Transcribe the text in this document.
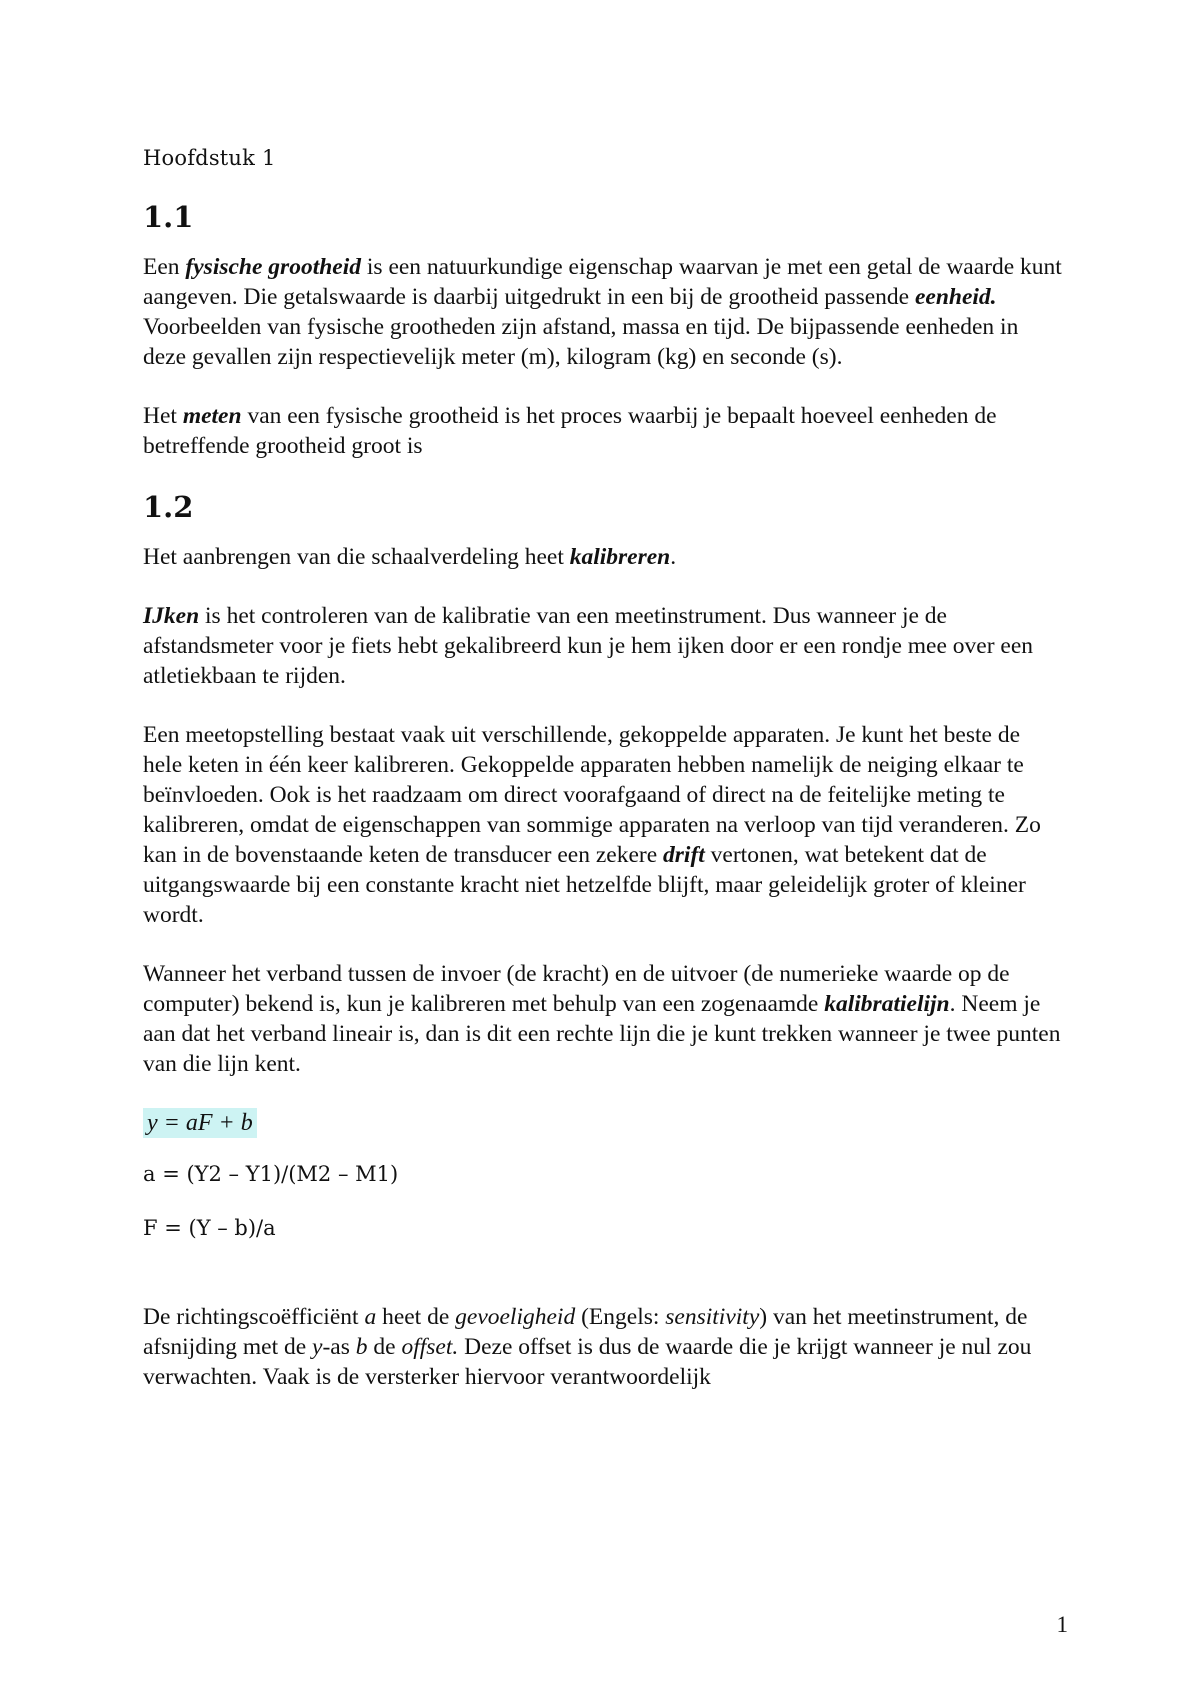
Hoofdstuk 1
1.1

Een fysische grootheid is een natuurkundige eigenschap waarvan je met een getal de waarde kunt aangeven. Die getalswaarde is daarbij uitgedrukt in een bij de grootheid passende eenheid. Voorbeelden van fysische grootheden zijn afstand, massa en tijd. De bijpassende eenheden in deze gevallen zijn respectievelijk meter (m), kilogram (kg) en seconde (s).

Het meten van een fysische grootheid is het proces waarbij je bepaalt hoeveel eenheden de betreffende grootheid groot is

1.2

Het aanbrengen van die schaalverdeling heet kalibreren.

IJken is het controleren van de kalibratie van een meetinstrument. Dus wanneer je de afstandsmeter voor je fiets hebt gekalibreerd kun je hem ijken door er een rondje mee over een atletiekbaan te rijden.

Een meetopstelling bestaat vaak uit verschillende, gekoppelde apparaten. Je kunt het beste de hele keten in één keer kalibreren. Gekoppelde apparaten hebben namelijk de neiging elkaar te beïnvloeden. Ook is het raadzaam om direct voorafgaand of direct na de feitelijke meting te kalibreren, omdat de eigenschappen van sommige apparaten na verloop van tijd veranderen. Zo kan in de bovenstaande keten de transducer een zekere drift vertonen, wat betekent dat de uitgangswaarde bij een constante kracht niet hetzelfde blijft, maar geleidelijk groter of kleiner wordt.

Wanneer het verband tussen de invoer (de kracht) en de uitvoer (de numerieke waarde op de computer) bekend is, kun je kalibreren met behulp van een zogenaamde kalibratielijn. Neem je aan dat het verband lineair is, dan is dit een rechte lijn die je kunt trekken wanneer je twee punten van die lijn kent.

y = aF + b

a = (Y2 – Y1)/(M2 – M1)
F = (Y – b)/a

De richtingscoëfficiënt a heet de gevoeligheid (Engels: sensitivity) van het meetinstrument, de afsnijding met de y-as b de offset. Deze offset is dus de waarde die je krijgt wanneer je nul zou verwachten. Vaak is de versterker hiervoor verantwoordelijk

1
